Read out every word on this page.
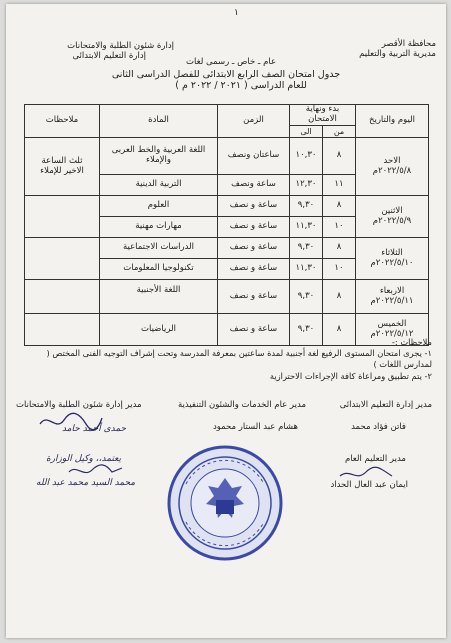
١
محافظة الأقصر
مديرية التربية والتعليم
إدارة شئون الطلبة والامتحانات
إدارة التعليم الابتدائى
عام ـ خاص ـ رسمى لغات
جدول امتحان الصف الرابع الابتدائى للفصل الدراسى الثانى
للعام الدراسى ( ٢٠٢١ / ٢٠٢٢ م )
اليوم والتاريخ	بدء ونهاية الامتحان		الزمن	المادة	ملاحظات
	من	الى			

الاحد
٢٠٢٢/٥/٨م	٨	١٠,٣٠	ساعتان ونصف	اللغة العربية والخط العربى والإملاء	ثلث الساعة الاخير للإملاء
	١١	١٢,٣٠	ساعة ونصف	التربية الدينية	

الاثنين
٢٠٢٢/٥/٩م	٨	٩,٣٠	ساعة و نصف	العلوم	
	١٠	١١,٣٠	ساعة و نصف	مهارات مهنية	

الثلاثاء
٢٠٢٢/٥/١٠م	٨	٩,٣٠	ساعة و نصف	الدراسات الاجتماعية	
	١٠	١١,٣٠	ساعة و نصف	تكنولوجيا المعلومات	

الاربعاء
٢٠٢٢/٥/١١م	٨	٩,٣٠	ساعة و نصف	اللغة الأجنبية	

الخميس
٢٠٢٢/٥/١٢م	٨	٩,٣٠	ساعة و نصف	الرياضيات	
ملاحظات :-
١- يجرى امتحان المستوى الرفيع لغة أجنبية لمدة ساعتين بمعرفة المدرسة وتحت إشراف التوجيه الفنى المختص ( لمدارس اللغات )
٢- يتم تطبيق ومراعاة كافة الإجراءات الاحترازية
مدير إدارة التعليم الابتدائى
مدير عام الخدمات والشئون التنفيذية
مدير إدارة شئون الطلبة والامتحانات
فاتن فؤاد محمد
هشام عبد الستار محمود
حمدى أحمد حامد
مدير التعليم العام
يعتمد،، وكيل الوزارة
ايمان عبد العال الحداد
محمد السيد محمد عبد الله
